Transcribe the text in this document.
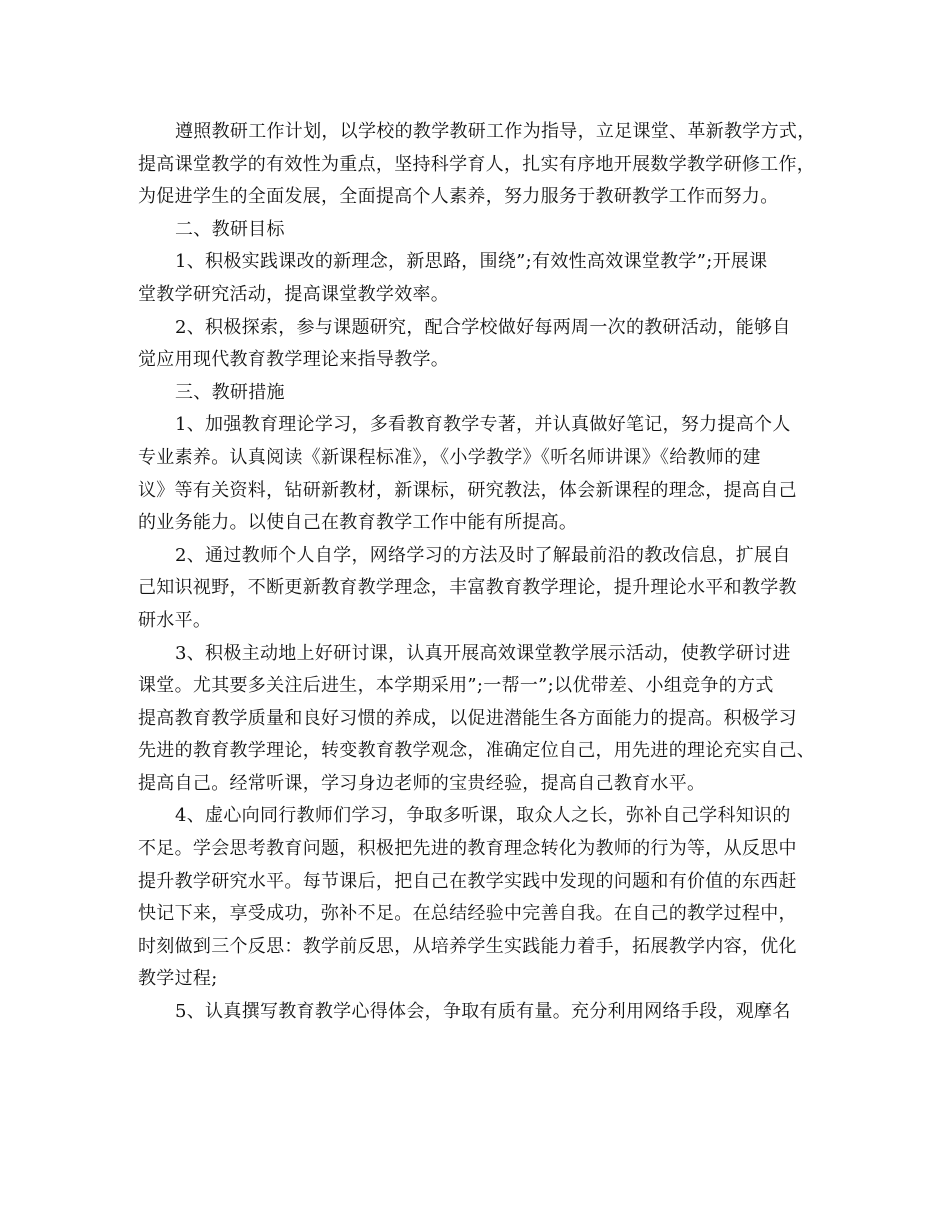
遵照教研工作计划，以学校的教学教研工作为指导，立足课堂、革新教学方式，
提高课堂教学的有效性为重点，坚持科学育人，扎实有序地开展数学教学研修工作，
为促进学生的全面发展，全面提高个人素养，努力服务于教研教学工作而努力。
二、教研目标
1、积极实践课改的新理念，新思路，围绕”;有效性高效课堂教学”;开展课
堂教学研究活动，提高课堂教学效率。
2、积极探索，参与课题研究，配合学校做好每两周一次的教研活动，能够自
觉应用现代教育教学理论来指导教学。
三、教研措施
1、加强教育理论学习，多看教育教学专著，并认真做好笔记，努力提高个人
专业素养。认真阅读《新课程标准》，《小学教学》《听名师讲课》《给教师的建
议》等有关资料，钻研新教材，新课标，研究教法，体会新课程的理念，提高自己
的业务能力。以使自己在教育教学工作中能有所提高。
2、通过教师个人自学，网络学习的方法及时了解最前沿的教改信息，扩展自
己知识视野，不断更新教育教学理念，丰富教育教学理论，提升理论水平和教学教
研水平。
3、积极主动地上好研讨课，认真开展高效课堂教学展示活动，使教学研讨进
课堂。尤其要多关注后进生，本学期采用”;一帮一”;以优带差、小组竞争的方式
提高教育教学质量和良好习惯的养成，以促进潜能生各方面能力的提高。积极学习
先进的教育教学理论，转变教育教学观念，准确定位自己，用先进的理论充实自己、
提高自己。经常听课，学习身边老师的宝贵经验，提高自己教育水平。
4、虚心向同行教师们学习，争取多听课，取众人之长，弥补自己学科知识的
不足。学会思考教育问题，积极把先进的教育理念转化为教师的行为等，从反思中
提升教学研究水平。每节课后，把自己在教学实践中发现的问题和有价值的东西赶
快记下来，享受成功，弥补不足。在总结经验中完善自我。在自己的教学过程中，
时刻做到三个反思：教学前反思，从培养学生实践能力着手，拓展教学内容，优化
教学过程;
5、认真撰写教育教学心得体会，争取有质有量。充分利用网络手段，观摩名
